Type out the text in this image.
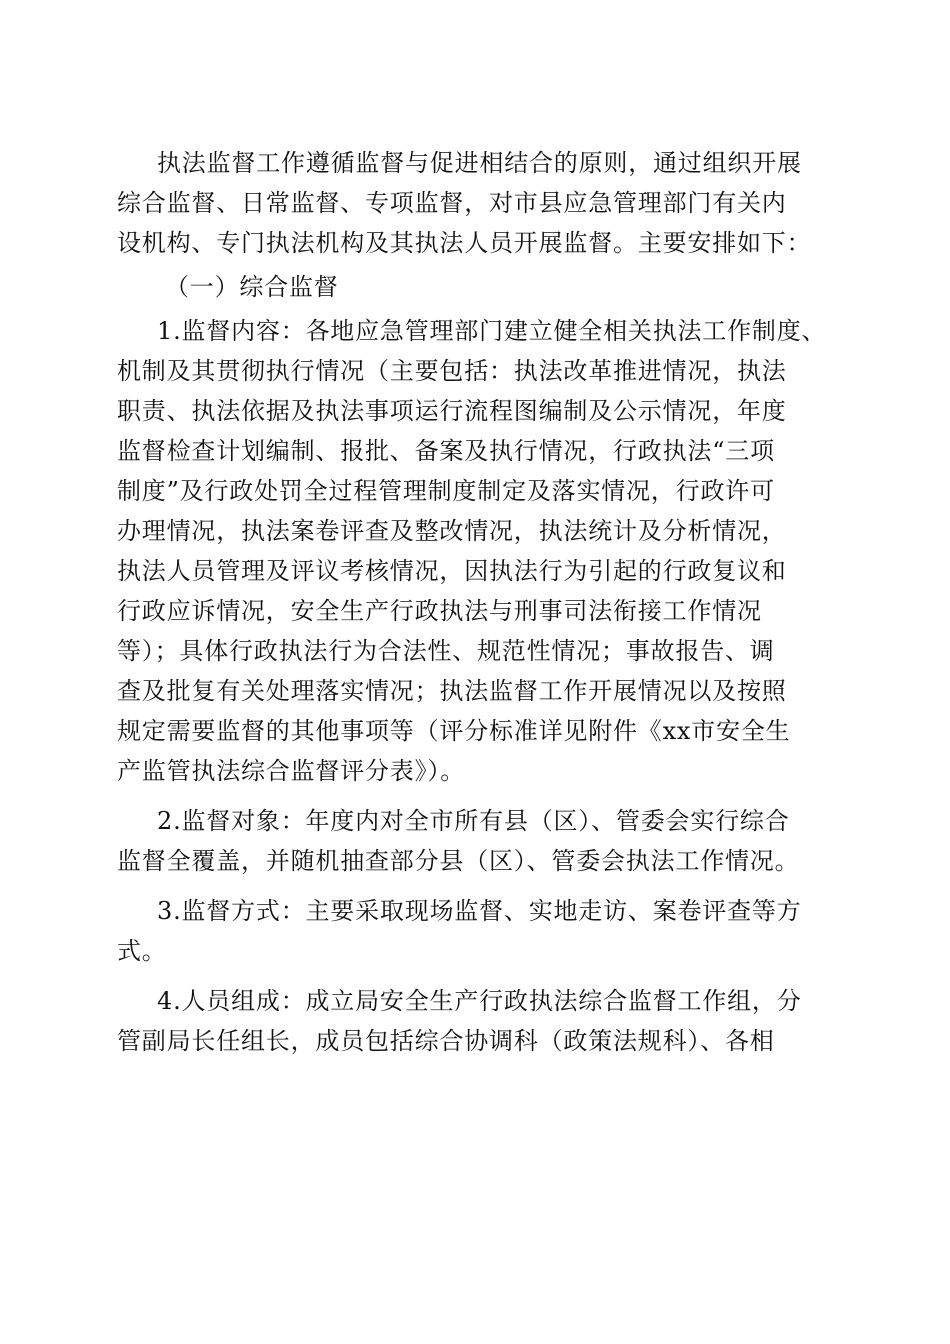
执法监督工作遵循监督与促进相结合的原则，通过组织开展
综合监督、日常监督、专项监督，对市县应急管理部门有关内
设机构、专门执法机构及其执法人员开展监督。主要安排如下：
（一）综合监督
1.监督内容：各地应急管理部门建立健全相关执法工作制度、
机制及其贯彻执行情况（主要包括：执法改革推进情况，执法
职责、执法依据及执法事项运行流程图编制及公示情况，年度
监督检查计划编制、报批、备案及执行情况，行政执法“三项
制度”及行政处罚全过程管理制度制定及落实情况，行政许可
办理情况，执法案卷评查及整改情况，执法统计及分析情况，
执法人员管理及评议考核情况，因执法行为引起的行政复议和
行政应诉情况，安全生产行政执法与刑事司法衔接工作情况
等）；具体行政执法行为合法性、规范性情况；事故报告、调
查及批复有关处理落实情况；执法监督工作开展情况以及按照
规定需要监督的其他事项等（评分标准详见附件《xx市安全生
产监管执法综合监督评分表》）。
2.监督对象：年度内对全市所有县（区）、管委会实行综合
监督全覆盖，并随机抽查部分县（区）、管委会执法工作情况。
3.监督方式：主要采取现场监督、实地走访、案卷评查等方
式。
4.人员组成：成立局安全生产行政执法综合监督工作组，分
管副局长任组长，成员包括综合协调科（政策法规科）、各相
